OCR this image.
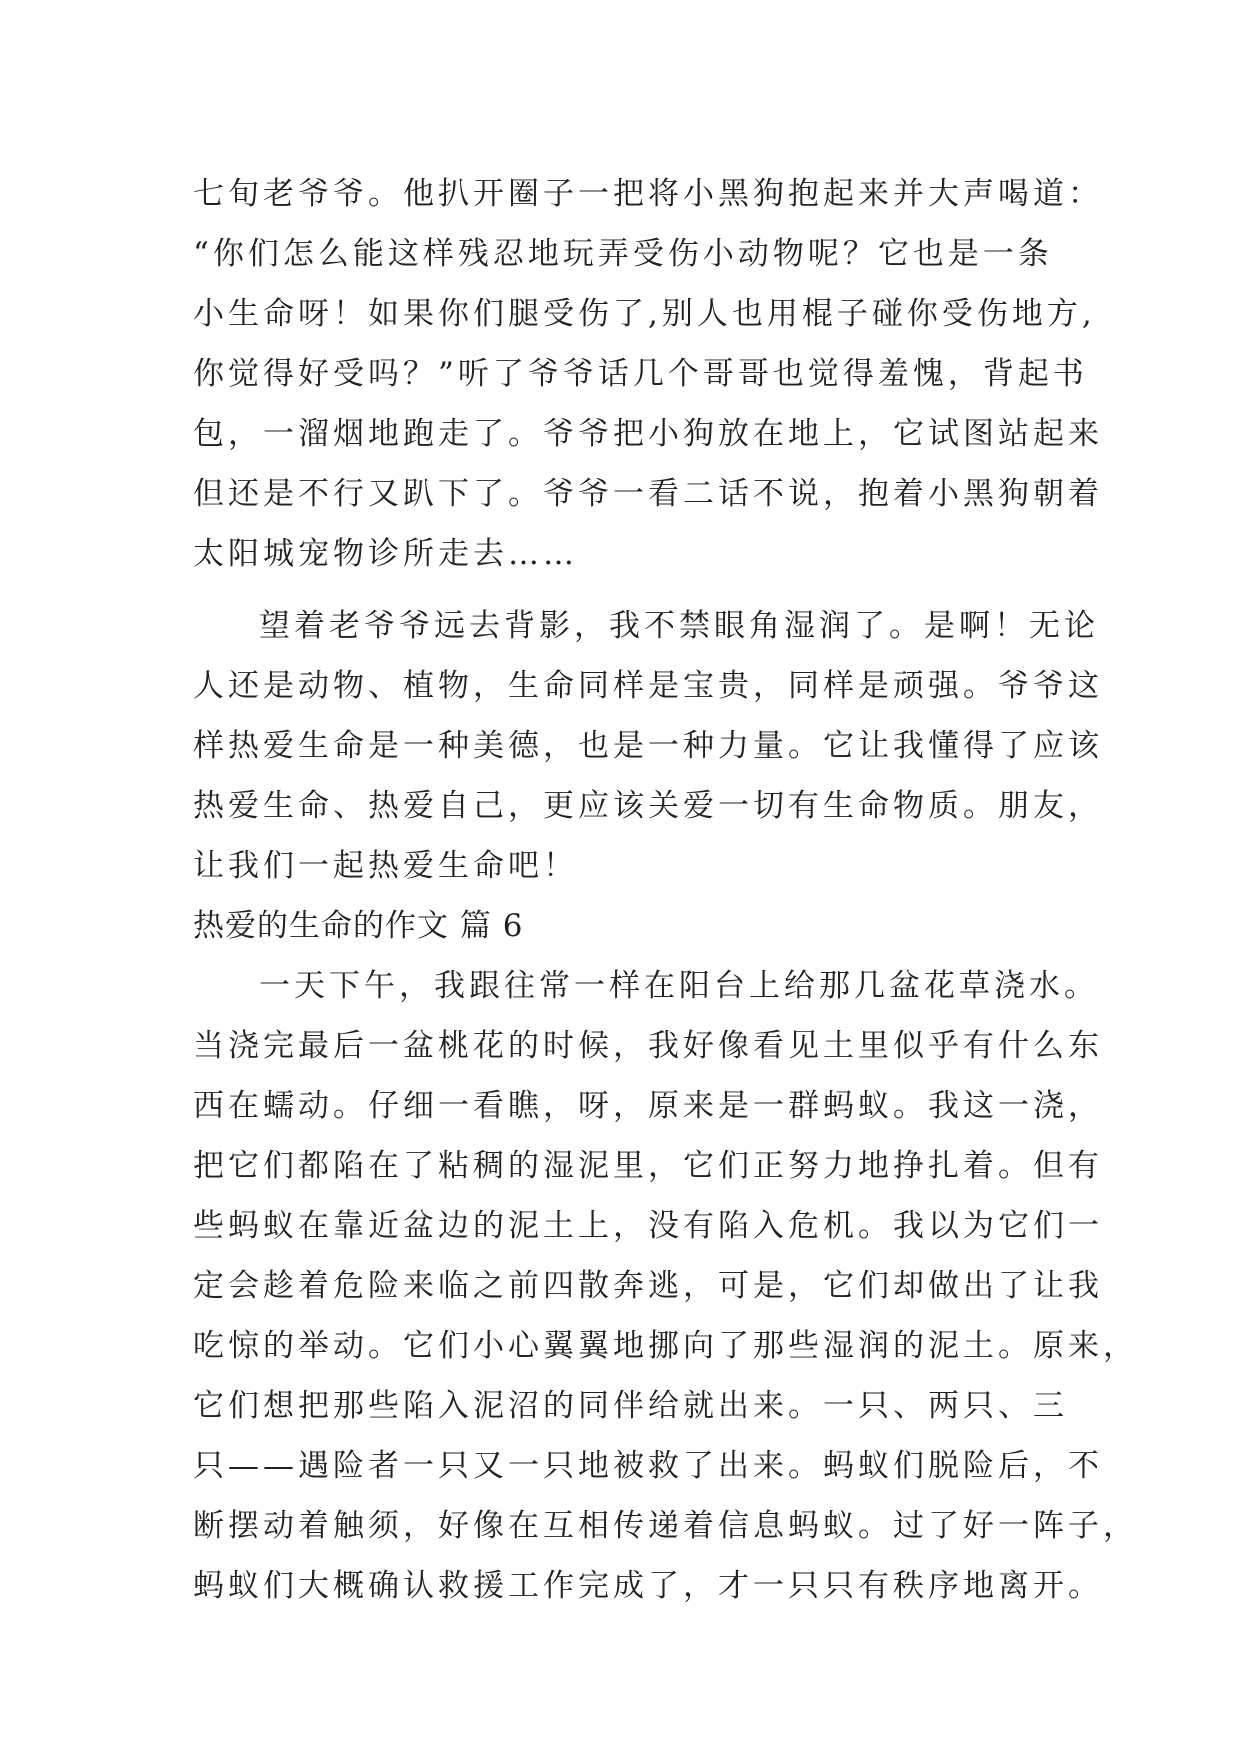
七旬老爷爷。他扒开圈子一把将小黑狗抱起来并大声喝道：
“你们怎么能这样残忍地玩弄受伤小动物呢？它也是一条
小生命呀！如果你们腿受伤了,别人也用棍子碰你受伤地方,
你觉得好受吗？”听了爷爷话几个哥哥也觉得羞愧，背起书
包，一溜烟地跑走了。爷爷把小狗放在地上，它试图站起来
但还是不行又趴下了。爷爷一看二话不说，抱着小黑狗朝着
太阳城宠物诊所走去……
望着老爷爷远去背影，我不禁眼角湿润了。是啊！无论
人还是动物、植物，生命同样是宝贵，同样是顽强。爷爷这
样热爱生命是一种美德，也是一种力量。它让我懂得了应该
热爱生命、热爱自己，更应该关爱一切有生命物质。朋友，
让我们一起热爱生命吧！
热爱的生命的作文 篇 6
一天下午，我跟往常一样在阳台上给那几盆花草浇水。
当浇完最后一盆桃花的时候，我好像看见土里似乎有什么东
西在蠕动。仔细一看瞧，呀，原来是一群蚂蚁。我这一浇，
把它们都陷在了粘稠的湿泥里，它们正努力地挣扎着。但有
些蚂蚁在靠近盆边的泥土上，没有陷入危机。我以为它们一
定会趁着危险来临之前四散奔逃，可是，它们却做出了让我
吃惊的举动。它们小心翼翼地挪向了那些湿润的泥土。原来，
它们想把那些陷入泥沼的同伴给就出来。一只、两只、三
只——遇险者一只又一只地被救了出来。蚂蚁们脱险后，不
断摆动着触须，好像在互相传递着信息蚂蚁。过了好一阵子，
蚂蚁们大概确认救援工作完成了，才一只只有秩序地离开。
